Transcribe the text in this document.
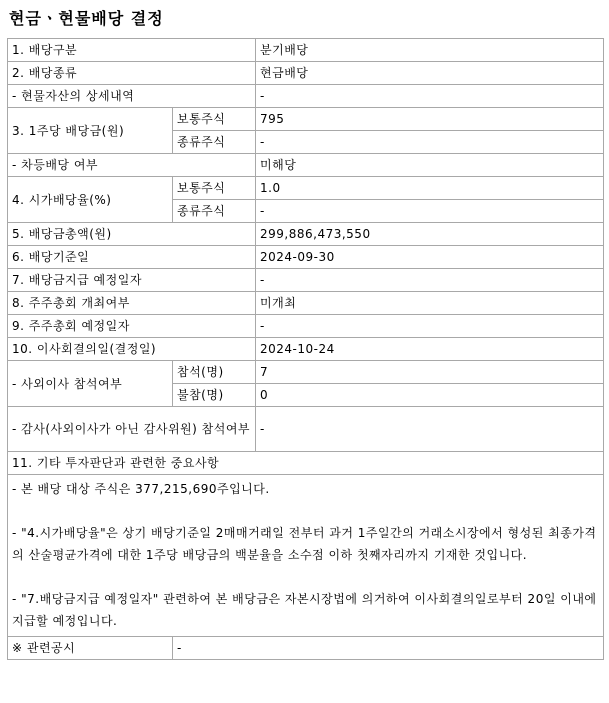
현금ㆍ현물배당 결정
1. 배당구분		분기배당
2. 배당종류		현금배당
- 현물자산의 상세내역		-
3. 1주당 배당금(원)	보통주식	795
	종류주식	-
- 차등배당 여부		미해당
4. 시가배당율(%)	보통주식	1.0
	종류주식	-
5. 배당금총액(원)		299,886,473,550
6. 배당기준일		2024-09-30
7. 배당금지급 예정일자		-
8. 주주총회 개최여부		미개최
9. 주주총회 예정일자		-
10. 이사회결의일(결정일)		2024-10-24
- 사외이사 참석여부	참석(명)	7
	불참(명)	0
- 감사(사외이사가 아닌 감사위원) 참석여부		-
11. 기타 투자판단과 관련한 중요사항		

- 본 배당 대상 주식은 377,215,690주입니다.

- "4.시가배당율"은 상기 배당기준일 2매매거래일 전부터 과거 1주일간의 거래소시장에서 형성된 최종가격의 산술평균가격에 대한 1주당 배당금의 백분율을 소수점 이하 첫째자리까지 기재한 것입니다.

- "7.배당금지급 예정일자" 관련하여 본 배당금은 자본시장법에 의거하여 이사회결의일로부터 20일 이내에 지급할 예정입니다.		

※ 관련공시	-	
